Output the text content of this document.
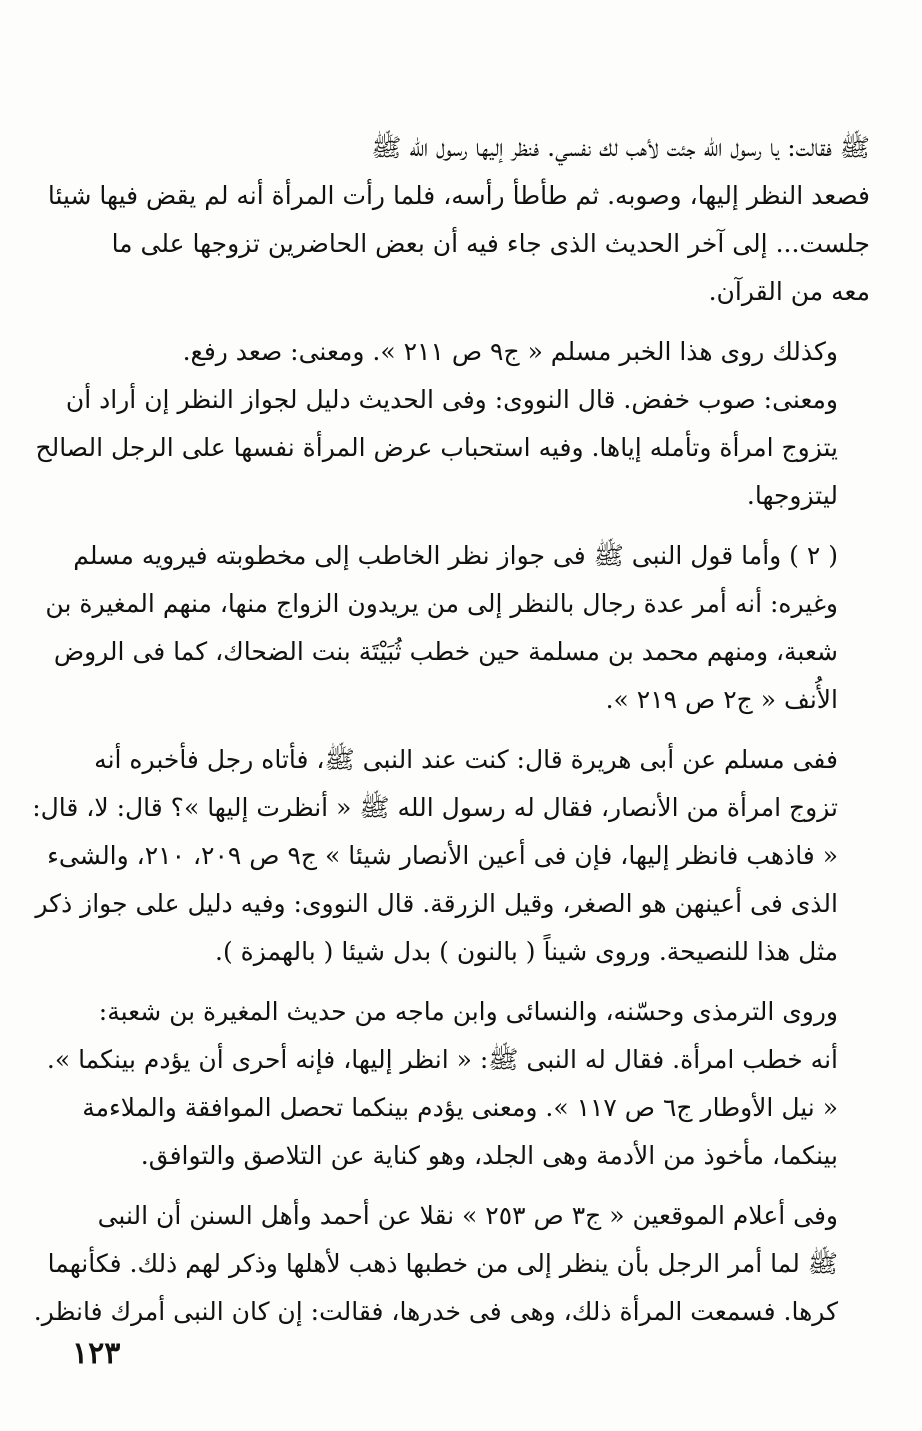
ﷺ فقالت: يا رسول الله جئت لأهب لك نفسي. فنظر إليها رسول الله ﷺ
فصعد النظر إليها، وصوبه. ثم طأطأ رأسه، فلما رأت المرأة أنه لم يقض فيها شيئا
جلست... إلى آخر الحديث الذى جاء فيه أن بعض الحاضرين تزوجها على ما
معه من القرآن.

وكذلك روى هذا الخبر مسلم « ج٩ ص ٢١١ ». ومعنى: صعد رفع.
ومعنى: صوب خفض. قال النووى: وفى الحديث دليل لجواز النظر إن أراد أن
يتزوج امرأة وتأمله إياها. وفيه استحباب عرض المرأة نفسها على الرجل الصالح
ليتزوجها.

( ٢ ) وأما قول النبى ﷺ فى جواز نظر الخاطب إلى مخطوبته فيرويه مسلم
وغيره: أنه أمر عدة رجال بالنظر إلى من يريدون الزواج منها، منهم المغيرة بن
شعبة، ومنهم محمد بن مسلمة حين خطب ثُبَيْتَة بنت الضحاك، كما فى الروض
الأُنف « ج٢ ص ٢١٩ ».

ففى مسلم عن أبى هريرة قال: كنت عند النبى ﷺ، فأتاه رجل فأخبره أنه
تزوج امرأة من الأنصار، فقال له رسول الله ﷺ « أنظرت إليها »؟ قال: لا، قال:
« فاذهب فانظر إليها، فإن فى أعين الأنصار شيئا » ج٩ ص ٢٠٩، ٢١٠، والشىء
الذى فى أعينهن هو الصغر، وقيل الزرقة. قال النووى: وفيه دليل على جواز ذكر
مثل هذا للنصيحة. وروى شيناً ( بالنون ) بدل شيئا ( بالهمزة ).

وروى الترمذى وحسّنه، والنسائى وابن ماجه من حديث المغيرة بن شعبة:
أنه خطب امرأة. فقال له النبى ﷺ: « انظر إليها، فإنه أحرى أن يؤدم بينكما ».
« نيل الأوطار ج٦ ص ١١٧ ». ومعنى يؤدم بينكما تحصل الموافقة والملاءمة
بينكما، مأخوذ من الأدمة وهى الجلد، وهو كناية عن التلاصق والتوافق.

وفى أعلام الموقعين « ج٣ ص ٢٥٣ » نقلا عن أحمد وأهل السنن أن النبى
ﷺ لما أمر الرجل بأن ينظر إلى من خطبها ذهب لأهلها وذكر لهم ذلك. فكأنهما
كرها. فسمعت المرأة ذلك، وهى فى خدرها، فقالت: إن كان النبى أمرك فانظر.

١٢٣
